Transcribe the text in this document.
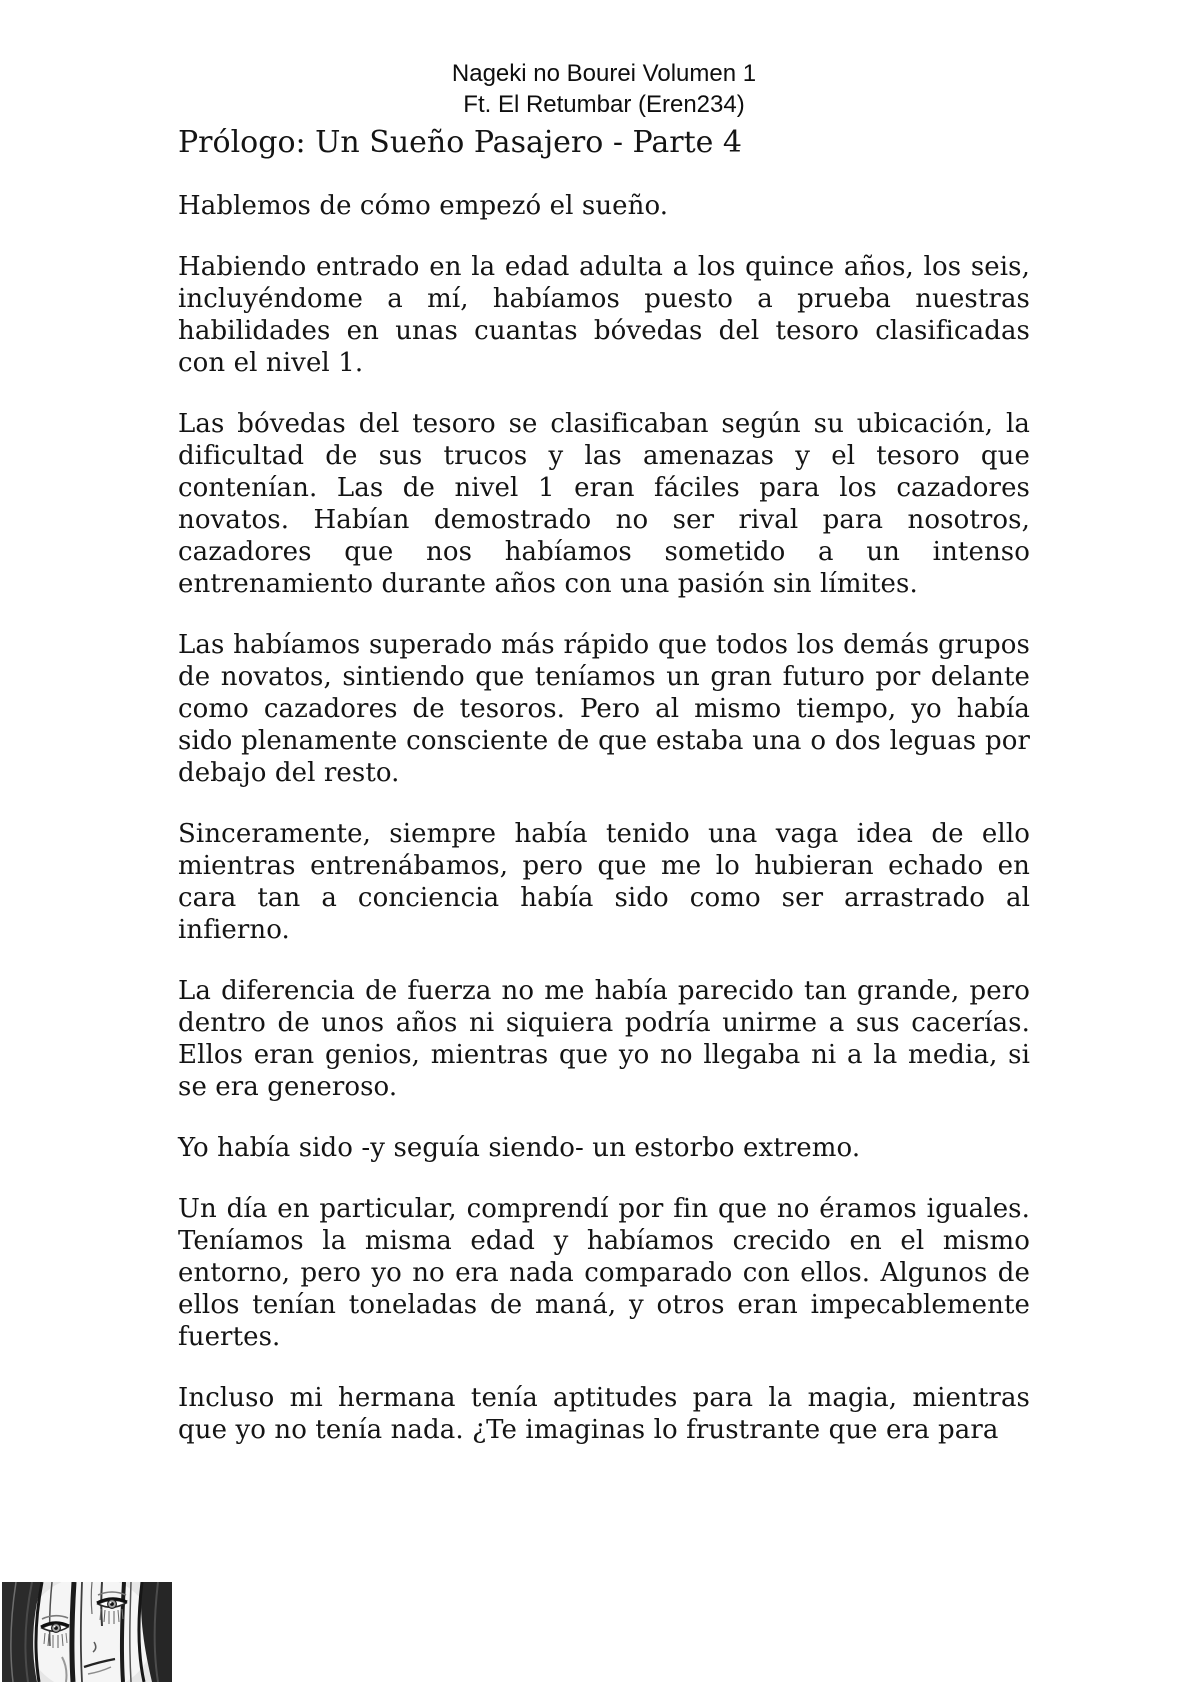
Nageki no Bourei Volumen 1
Ft. El Retumbar (Eren234)
Prólogo: Un Sueño Pasajero - Parte 4

Hablemos de cómo empezó el sueño.

Habiendo entrado en la edad adulta a los quince años, los seis, incluyéndome a mí, habíamos puesto a prueba nuestras habilidades en unas cuantas bóvedas del tesoro clasificadas con el nivel 1.

Las bóvedas del tesoro se clasificaban según su ubicación, la dificultad de sus trucos y las amenazas y el tesoro que contenían. Las de nivel 1 eran fáciles para los cazadores novatos. Habían demostrado no ser rival para nosotros, cazadores que nos habíamos sometido a un intenso entrenamiento durante años con una pasión sin límites.

Las habíamos superado más rápido que todos los demás grupos de novatos, sintiendo que teníamos un gran futuro por delante como cazadores de tesoros. Pero al mismo tiempo, yo había sido plenamente consciente de que estaba una o dos leguas por debajo del resto.

Sinceramente, siempre había tenido una vaga idea de ello mientras entrenábamos, pero que me lo hubieran echado en cara tan a conciencia había sido como ser arrastrado al infierno.

La diferencia de fuerza no me había parecido tan grande, pero dentro de unos años ni siquiera podría unirme a sus cacerías. Ellos eran genios, mientras que yo no llegaba ni a la media, si se era generoso.

Yo había sido -y seguía siendo- un estorbo extremo.

Un día en particular, comprendí por fin que no éramos iguales. Teníamos la misma edad y habíamos crecido en el mismo entorno, pero yo no era nada comparado con ellos. Algunos de ellos tenían toneladas de maná, y otros eran impecablemente fuertes.

Incluso mi hermana tenía aptitudes para la magia, mientras que yo no tenía nada. ¿Te imaginas lo frustrante que era para
